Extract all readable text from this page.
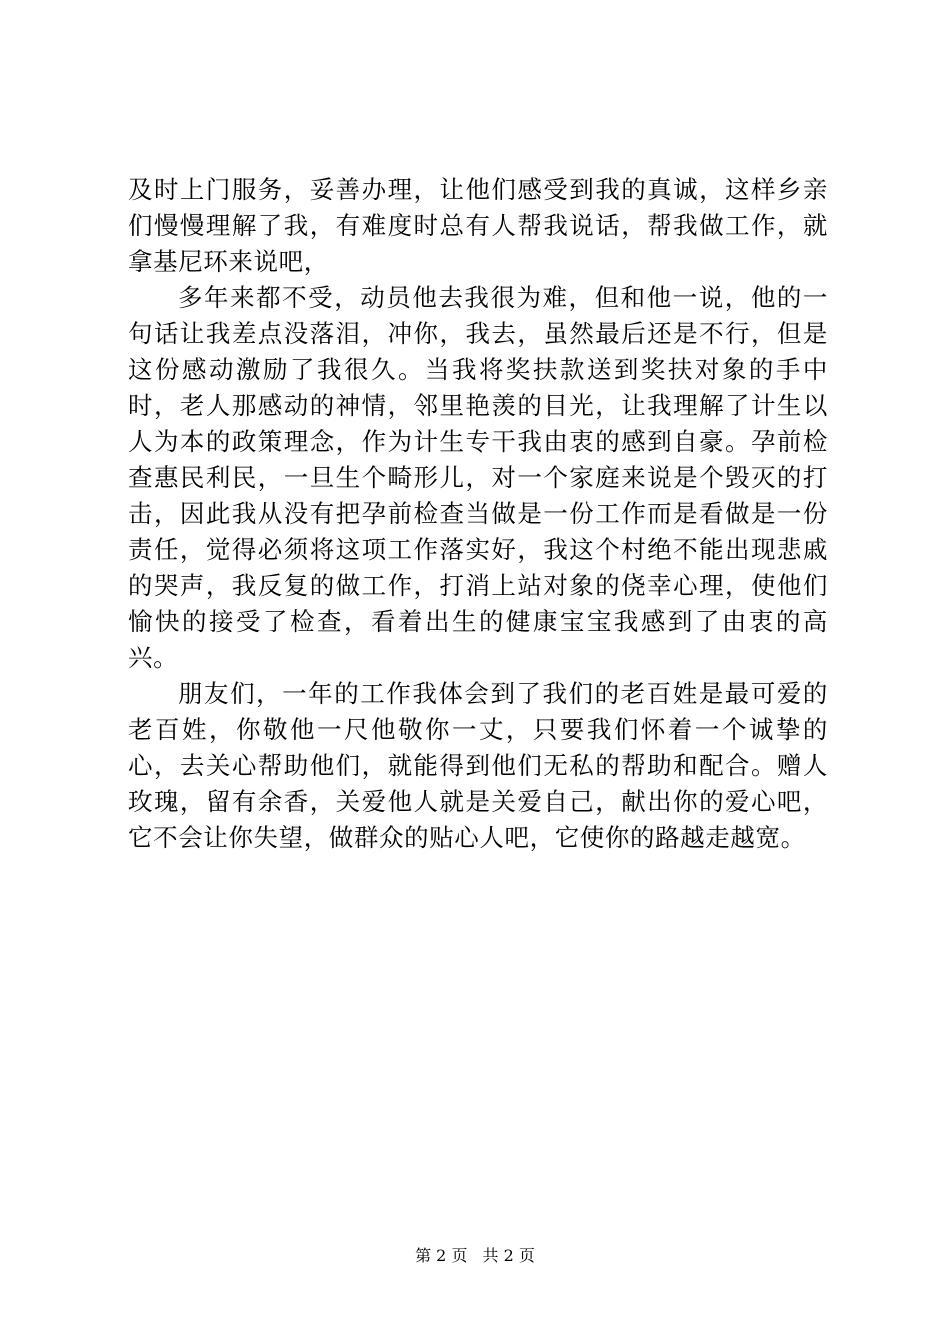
及时上门服务，妥善办理，让他们感受到我的真诚，这样乡亲们慢慢理解了我，有难度时总有人帮我说话，帮我做工作，就拿基尼环来说吧，

多年来都不受，动员他去我很为难，但和他一说，他的一句话让我差点没落泪，冲你，我去，虽然最后还是不行，但是这份感动激励了我很久。当我将奖扶款送到奖扶对象的手中时，老人那感动的神情，邻里艳羡的目光，让我理解了计生以人为本的政策理念，作为计生专干我由衷的感到自豪。孕前检查惠民利民，一旦生个畸形儿，对一个家庭来说是个毁灭的打击，因此我从没有把孕前检查当做是一份工作而是看做是一份责任，觉得必须将这项工作落实好，我这个村绝不能出现悲戚的哭声，我反复的做工作，打消上站对象的侥幸心理，使他们愉快的接受了检查，看着出生的健康宝宝我感到了由衷的高兴。

朋友们，一年的工作我体会到了我们的老百姓是最可爱的老百姓，你敬他一尺他敬你一丈，只要我们怀着一个诚挚的心，去关心帮助他们，就能得到他们无私的帮助和配合。赠人玫瑰，留有余香，关爱他人就是关爱自己，献出你的爱心吧，它不会让你失望，做群众的贴心人吧，它使你的路越走越宽。

第 2 页 共 2 页
